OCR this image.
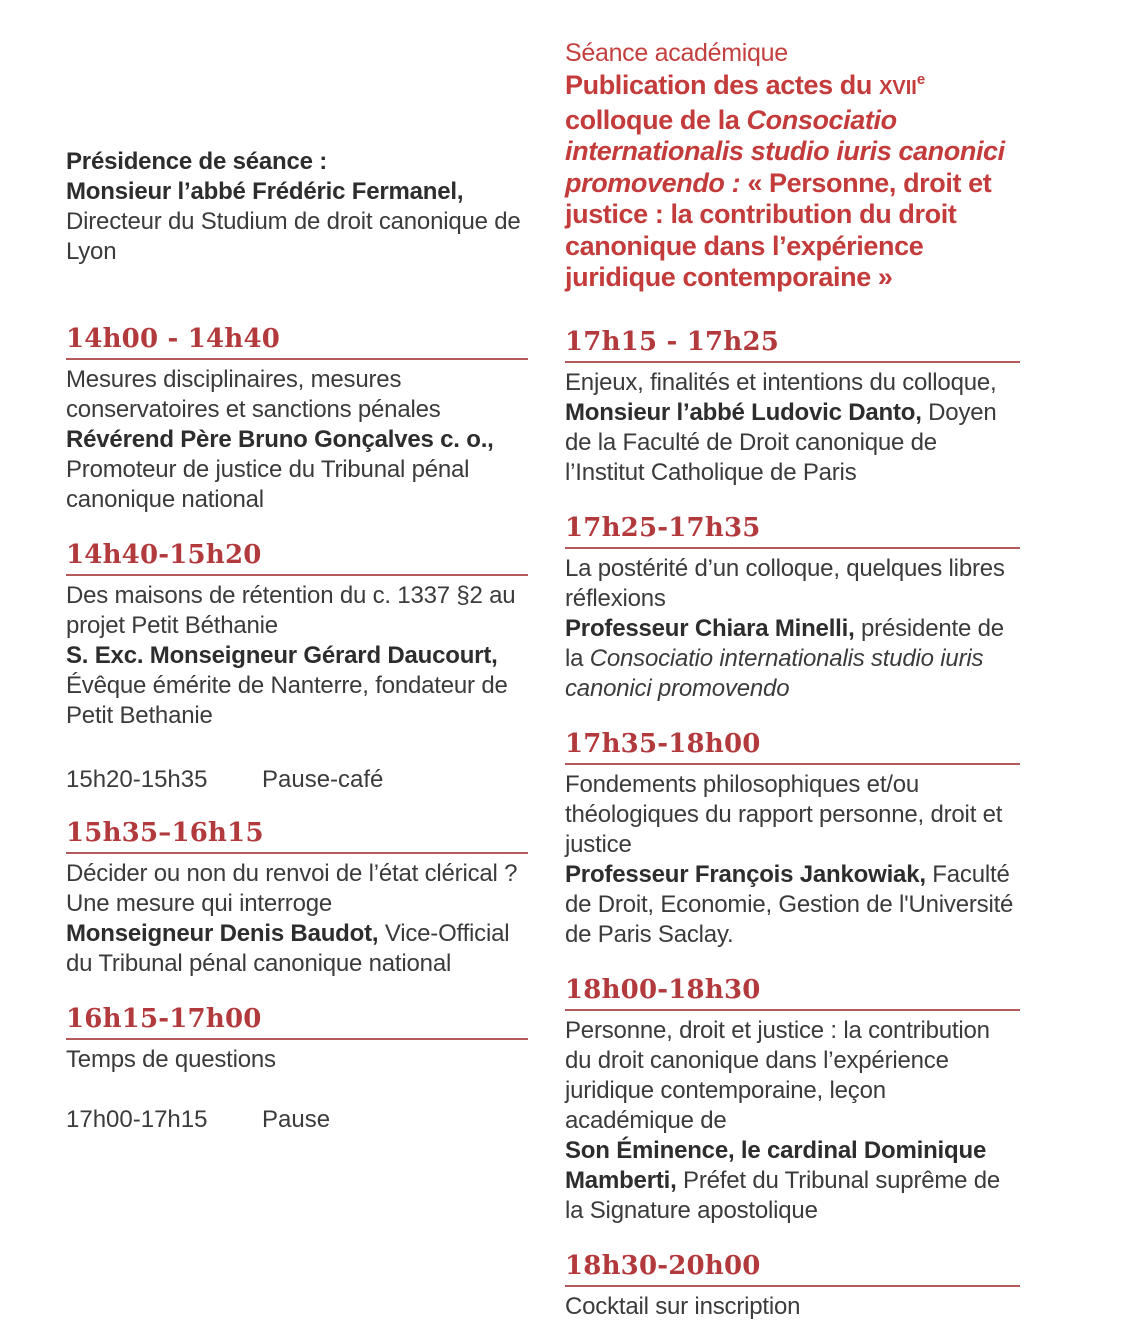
Présidence de séance :

Monsieur l’abbé Frédéric Fermanel, Directeur du Studium de droit canonique de Lyon

14h00 - 14h40

Mesures disciplinaires, mesures conservatoires et sanctions pénales
Révérend Père Bruno Gonçalves c. o., Promoteur de justice du Tribunal pénal canonique national

14h40-15h20

Des maisons de rétention du c. 1337 §2 au projet Petit Béthanie
S. Exc. Monseigneur Gérard Daucourt, Évêque émérite de Nanterre, fondateur de Petit Bethanie

15h20-15h35 Pause-café
15h35–16h15

Décider ou non du renvoi de l’état clérical ? Une mesure qui interroge
Monseigneur Denis Baudot, Vice-Official du Tribunal pénal canonique national

16h15-17h00

Temps de questions

17h00-17h15 Pause

Séance académique

Publication des actes du XVIIe colloque de la Consociatio internationalis studio iuris canonici promovendo : « Personne, droit et justice : la contribution du droit canonique dans l’expérience juridique contemporaine »
17h15 - 17h25

Enjeux, finalités et intentions du colloque,
Monsieur l’abbé Ludovic Danto, Doyen de la Faculté de Droit canonique de l’Institut Catholique de Paris

17h25-17h35

La postérité d’un colloque, quelques libres réflexions
Professeur Chiara Minelli, présidente de la Consociatio internationalis studio iuris canonici promovendo

17h35-18h00

Fondements philosophiques et/ou théologiques du rapport personne, droit et justice
Professeur François Jankowiak, Faculté de Droit, Economie, Gestion de l'Université de Paris Saclay.

18h00-18h30

Personne, droit et justice : la contribution du droit canonique dans l’expérience juridique contemporaine, leçon académique de
Son Éminence, le cardinal Dominique Mamberti, Préfet du Tribunal suprême de la Signature apostolique

18h30-20h00

Cocktail sur inscription
